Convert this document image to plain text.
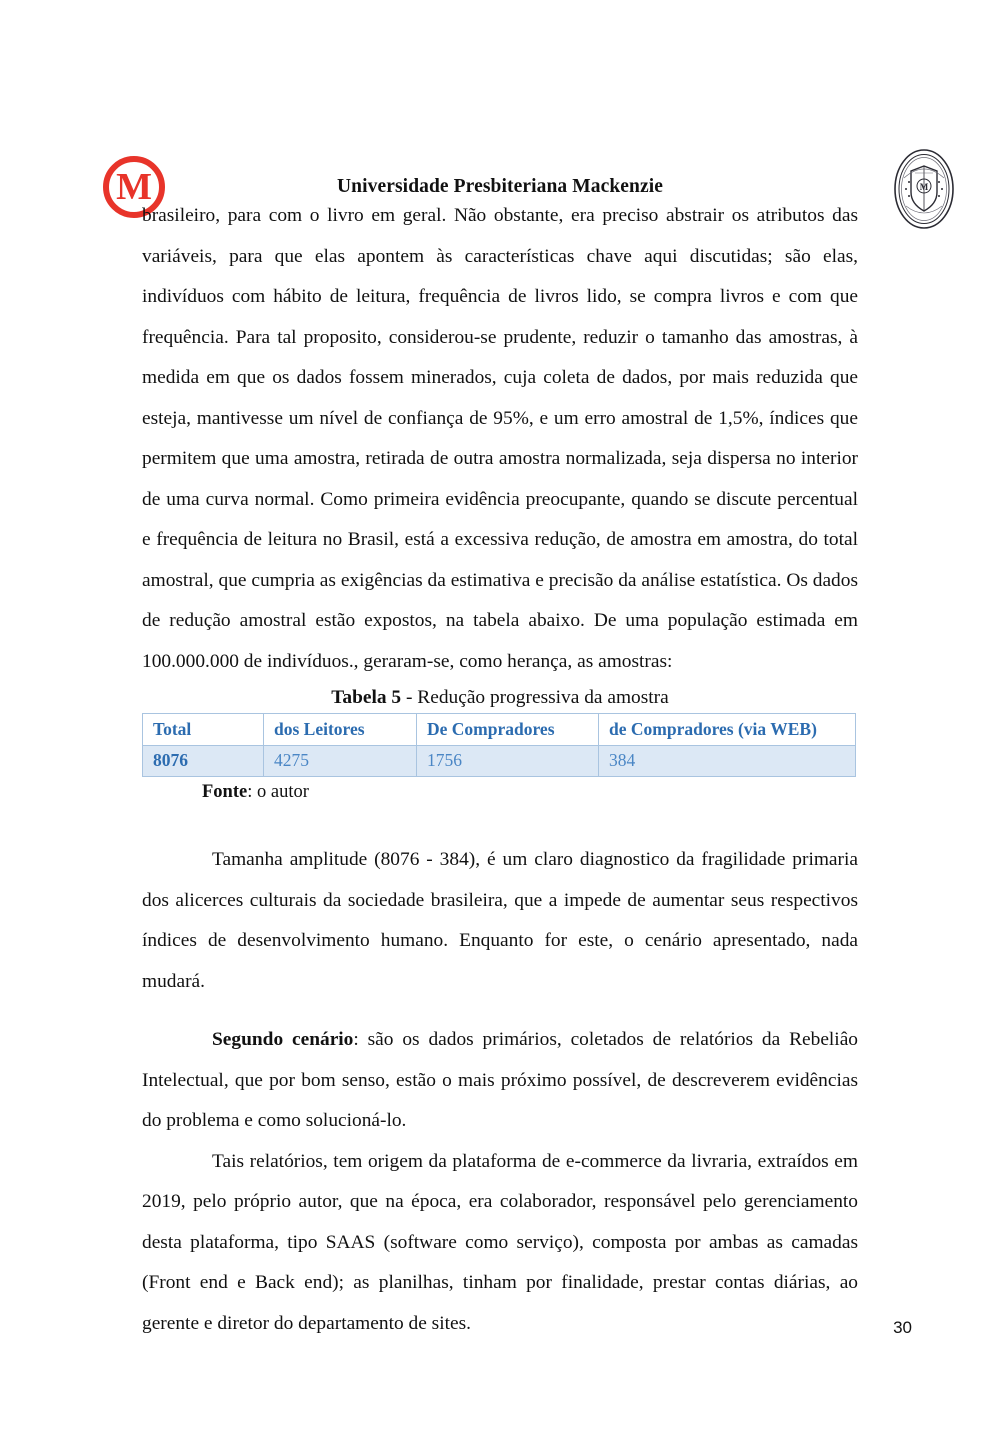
M	Universidade Presbiteriana Mackenzie	M

brasileiro, para com o livro em geral. Não obstante, era preciso abstrair os atributos das variáveis, para que elas apontem às características chave aqui discutidas; são elas, indivíduos com hábito de leitura, frequência de livros lido, se compra livros e com que frequência. Para tal proposito, considerou-se prudente, reduzir o tamanho das amostras, à medida em que os dados fossem minerados, cuja coleta de dados, por mais reduzida que esteja, mantivesse um nível de confiança de 95%, e um erro amostral de 1,5%, índices que permitem que uma amostra, retirada de outra amostra normalizada, seja dispersa no interior de uma curva normal. Como primeira evidência preocupante, quando se discute percentual e frequência de leitura no Brasil, está a excessiva redução, de amostra em amostra, do total amostral, que cumpria as exigências da estimativa e precisão da análise estatística. Os dados de redução amostral estão expostos, na tabela abaixo. De uma população estimada em 100.000.000 de indivíduos., geraram-se, como herança, as amostras:

Tabela 5 - Redução progressiva da amostra
Total	dos Leitores	De Compradores	de Compradores (via WEB)
8076	4275	1756	384
Fonte: o autor

Tamanha amplitude (8076 - 384), é um claro diagnostico da fragilidade primaria dos alicerces culturais da sociedade brasileira, que a impede de aumentar seus respectivos índices de desenvolvimento humano. Enquanto for este, o cenário apresentado, nada mudará.

Segundo cenário: são os dados primários, coletados de relatórios da Rebeliâo Intelectual, que por bom senso, estão o mais próximo possível, de descreverem evidências do problema e como solucioná-lo.

Tais relatórios, tem origem da plataforma de e-commerce da livraria, extraídos em 2019, pelo próprio autor, que na época, era colaborador, responsável pelo gerenciamento desta plataforma, tipo SAAS (software como serviço), composta por ambas as camadas (Front end e Back end); as planilhas, tinham por finalidade, prestar contas diárias, ao gerente e diretor do departamento de sites.	30
